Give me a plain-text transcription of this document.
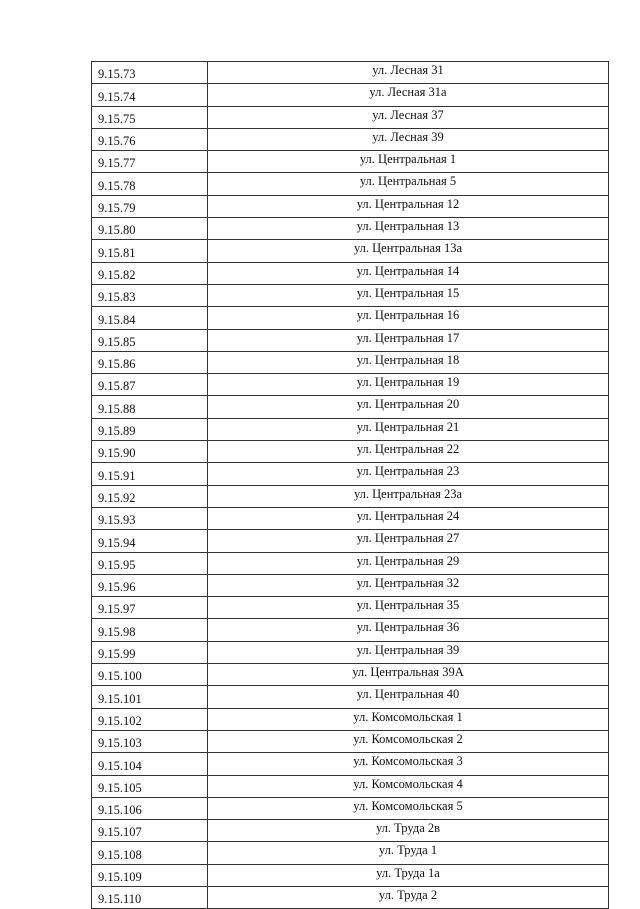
9.15.73	ул. Лесная 31
9.15.74	ул. Лесная 31а
9.15.75	ул. Лесная 37
9.15.76	ул. Лесная 39
9.15.77	ул. Центральная 1
9.15.78	ул. Центральная 5
9.15.79	ул. Центральная 12
9.15.80	ул. Центральная 13
9.15.81	ул. Центральная 13а
9.15.82	ул. Центральная 14
9.15.83	ул. Центральная 15
9.15.84	ул. Центральная 16
9.15.85	ул. Центральная 17
9.15.86	ул. Центральная 18
9.15.87	ул. Центральная 19
9.15.88	ул. Центральная 20
9.15.89	ул. Центральная 21
9.15.90	ул. Центральная 22
9.15.91	ул. Центральная 23
9.15.92	ул. Центральная 23а
9.15.93	ул. Центральная 24
9.15.94	ул. Центральная 27
9.15.95	ул. Центральная 29
9.15.96	ул. Центральная 32
9.15.97	ул. Центральная 35
9.15.98	ул. Центральная 36
9.15.99	ул. Центральная 39
9.15.100	ул. Центральная 39А
9.15.101	ул. Центральная 40
9.15.102	ул. Комсомольская 1
9.15.103	ул. Комсомольская 2
9.15.104	ул. Комсомольская 3
9.15.105	ул. Комсомольская 4
9.15.106	ул. Комсомольская 5
9.15.107	ул. Труда 2в
9.15.108	ул. Труда 1
9.15.109	ул. Труда 1а
9.15.110	ул. Труда 2
